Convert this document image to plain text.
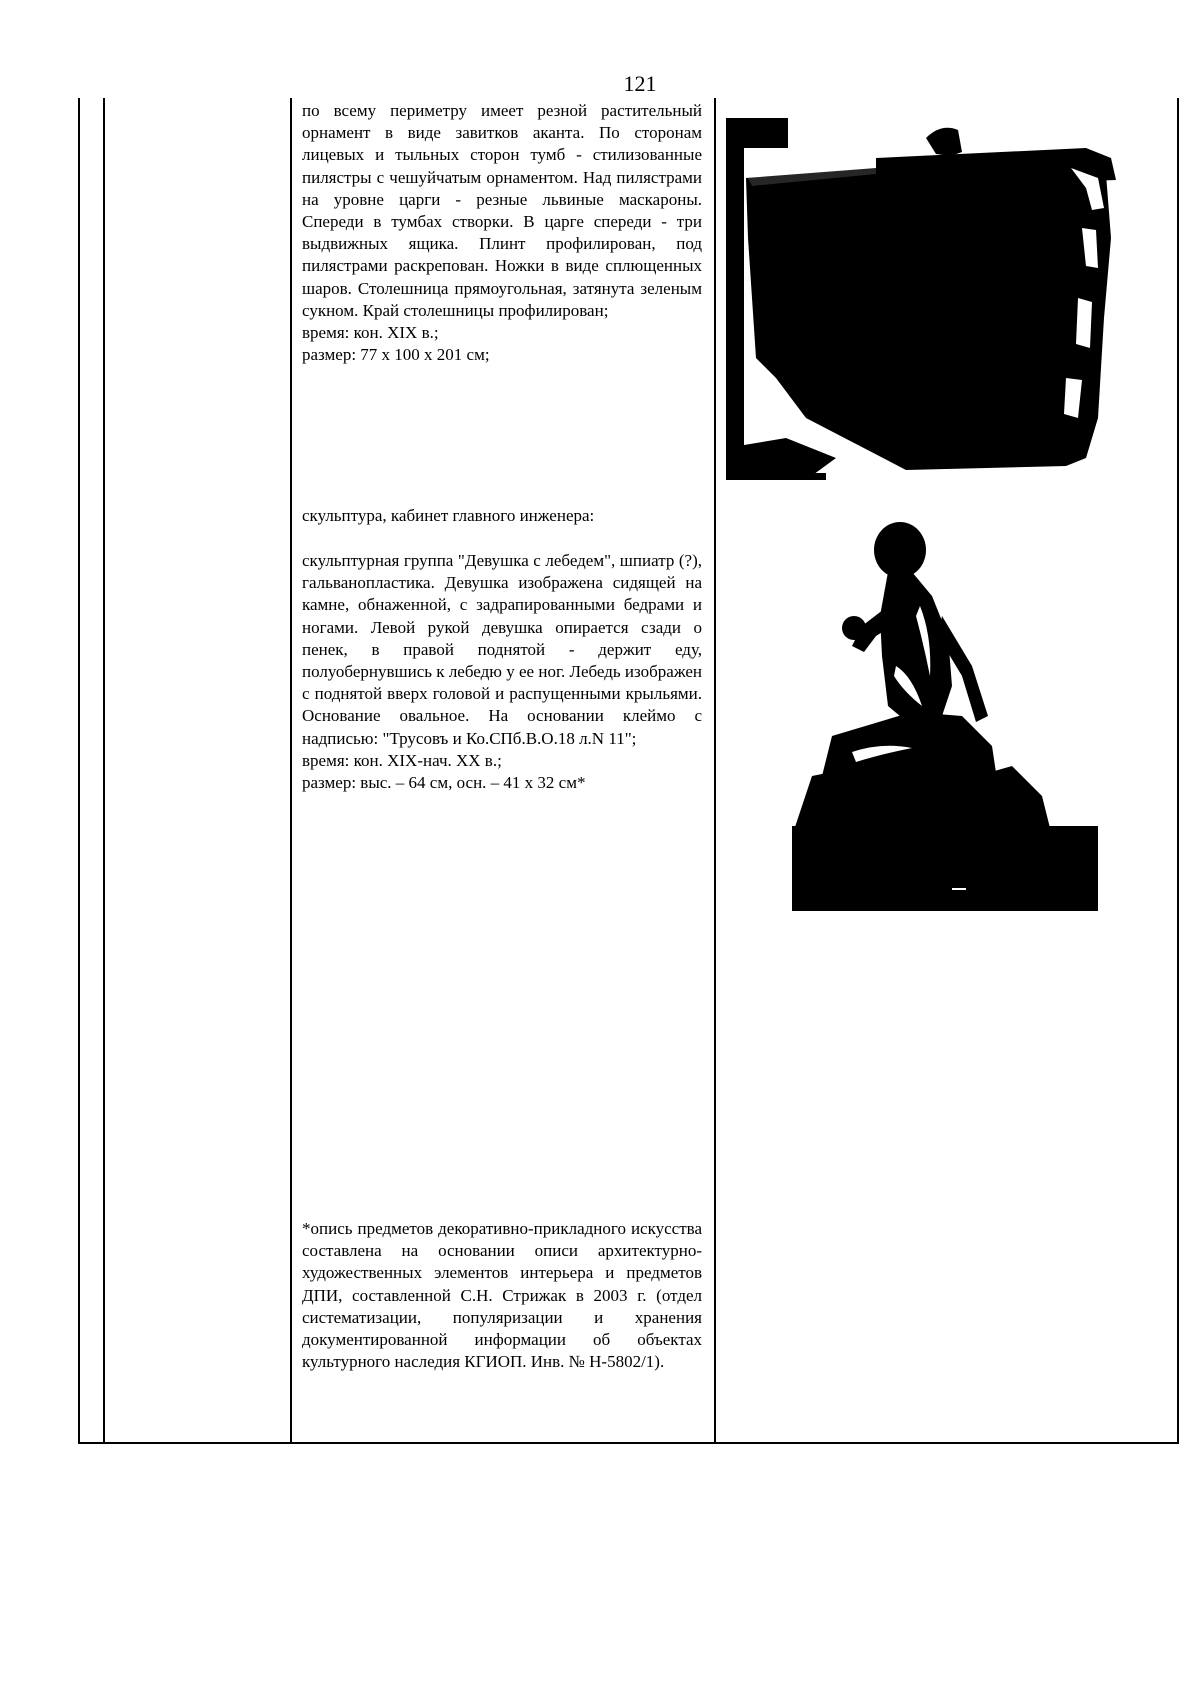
121

по всему периметру имеет резной растительный орнамент в виде завитков аканта. По сторонам лицевых и тыльных сторон тумб - стилизованные пилястры с чешуйчатым орнаментом. Над пилястрами на уровне царги - резные львиные маскароны. Спереди в тумбах створки. В царге спереди - три выдвижных ящика. Плинт профилирован, под пилястрами раскрепован. Ножки в виде сплющенных шаров. Столешница прямоугольная, затянута зеленым сукном. Край столешницы профилирован;

время: кон. XIX в.;

размер: 77 х 100 х 201 см;

скульптура, кабинет главного инженера:

скульптурная группа "Девушка с лебедем", шпиатр (?), гальванопластика. Девушка изображена сидящей на камне, обнаженной, с задрапированными бедрами и ногами. Левой рукой девушка опирается сзади о пенек, в правой поднятой - держит еду, полуобернувшись к лебедю у ее ног. Лебедь изображен с поднятой вверх головой и распущенными крыльями. Основание овальное. На основании клеймо с надписью: "Трусовъ и Ко.СПб.В.О.18 л.N 11";

время: кон. XIX-нач. XX в.;

размер: выс. – 64 см, осн. – 41 х 32 см*

*опись предметов декоративно-прикладного искусства составлена на основании описи архитектурно-художественных элементов интерьера и предметов ДПИ, составленной С.Н. Стрижак в 2003 г. (отдел систематизации, популяризации и хранения документированной информации об объектах культурного наследия КГИОП. Инв. № Н-5802/1).
